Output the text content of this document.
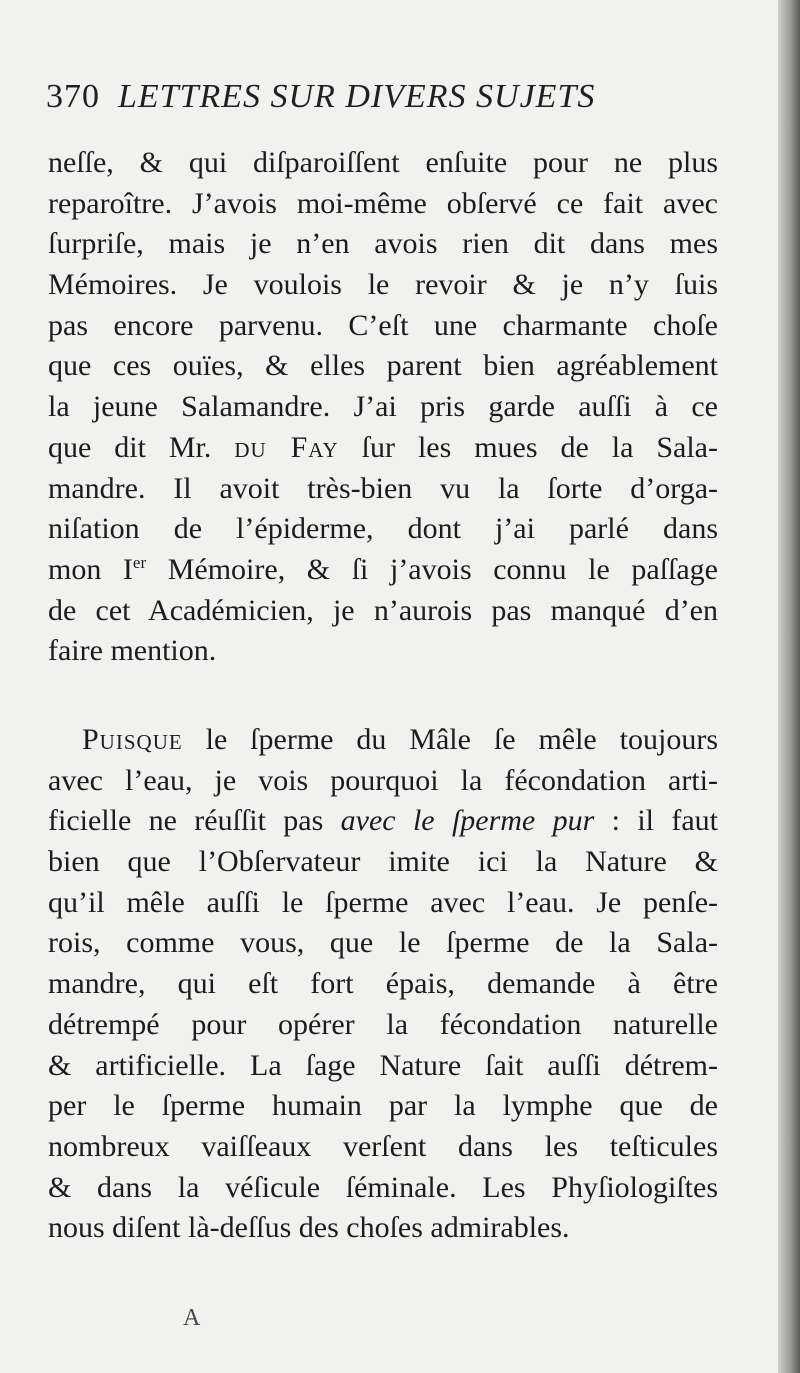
370 LETTRES SUR DIVERS SUJETS
neſſe, & qui diſparoiſſent enſuite pour ne plus
reparoître. J’avois moi-même obſervé ce fait avec
ſurpriſe, mais je n’en avois rien dit dans mes
Mémoires. Je voulois le revoir & je n’y ſuis
pas encore parvenu. C’eſt une charmante choſe
que ces ouïes, & elles parent bien agréablement
la jeune Salamandre. J’ai pris garde auſſi à ce
que dit Mr. du Fay ſur les mues de la Sala-
mandre. Il avoit très-bien vu la ſorte d’orga-
niſation de l’épiderme, dont j’ai parlé dans
mon Ier Mémoire, & ſi j’avois connu le paſſage
de cet Académicien, je n’aurois pas manqué d’en
faire mention.
Puisque le ſperme du Mâle ſe mêle toujours
avec l’eau, je vois pourquoi la fécondation arti-
ficielle ne réuſſit pas avec le ſperme pur : il faut
bien que l’Obſervateur imite ici la Nature &
qu’il mêle auſſi le ſperme avec l’eau. Je penſe-
rois, comme vous, que le ſperme de la Sala-
mandre, qui eſt fort épais, demande à être
détrempé pour opérer la fécondation naturelle
& artificielle. La ſage Nature ſait auſſi détrem-
per le ſperme humain par la lymphe que de
nombreux vaiſſeaux verſent dans les teſticules
& dans la véſicule ſéminale. Les Phyſiologiſtes
nous diſent là-deſſus des choſes admirables.
A
